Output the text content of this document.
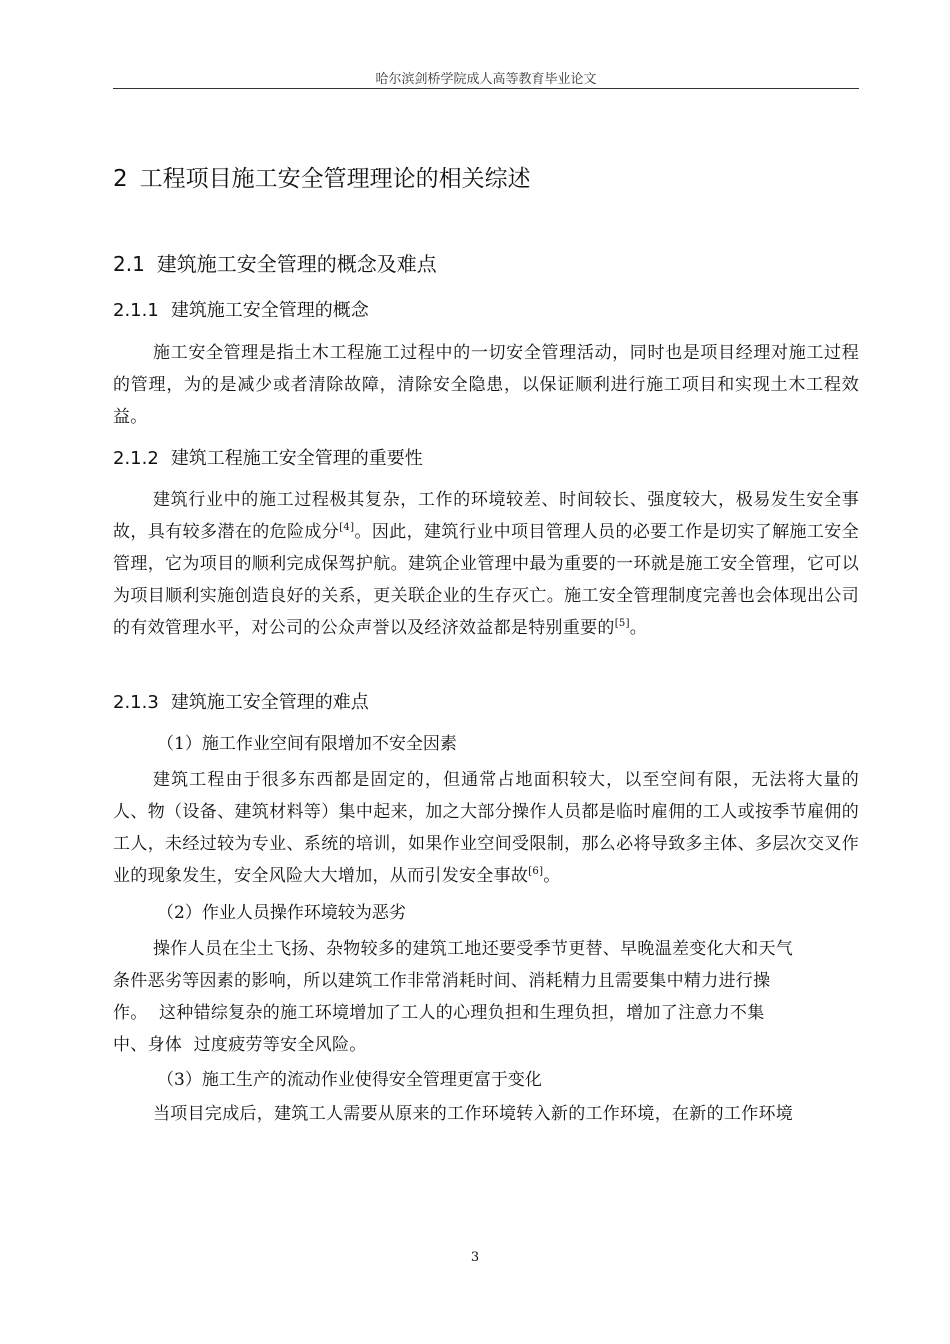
哈尔滨剑桥学院成人高等教育毕业论文
2 工程项目施工安全管理理论的相关综述
2.1 建筑施工安全管理的概念及难点
2.1.1 建筑施工安全管理的概念

施工安全管理是指土木工程施工过程中的一切安全管理活动，同时也是项目经理对施工过程的管理，为的是减少或者清除故障，清除安全隐患，以保证顺利进行施工项目和实现土木工程效益。

2.1.2 建筑工程施工安全管理的重要性

建筑行业中的施工过程极其复杂，工作的环境较差、时间较长、强度较大，极易发生安全事故，具有较多潜在的危险成分[4]。因此，建筑行业中项目管理人员的必要工作是切实了解施工安全管理，它为项目的顺利完成保驾护航。建筑企业管理中最为重要的一环就是施工安全管理，它可以为项目顺利实施创造良好的关系，更关联企业的生存灭亡。施工安全管理制度完善也会体现出公司的有效管理水平，对公司的公众声誉以及经济效益都是特别重要的[5]。

2.1.3 建筑施工安全管理的难点
（1）施工作业空间有限增加不安全因素

建筑工程由于很多东西都是固定的，但通常占地面积较大，以至空间有限，无法将大量的人、物（设备、建筑材料等）集中起来，加之大部分操作人员都是临时雇佣的工人或按季节雇佣的工人，未经过较为专业、系统的培训，如果作业空间受限制，那么必将导致多主体、多层次交叉作业的现象发生，安全风险大大增加，从而引发安全事故[6]。

（2）作业人员操作环境较为恶劣
操作人员在尘土飞扬、杂物较多的建筑工地还要受季节更替、早晚温差变化大和天气
条件恶劣等因素的影响，所以建筑工作非常消耗时间、消耗精力且需要集中精力进行操
作。  这种错综复杂的施工环境增加了工人的心理负担和生理负担，增加了注意力不集
中、身体  过度疲劳等安全风险。
（3）施工生产的流动作业使得安全管理更富于变化
当项目完成后，建筑工人需要从原来的工作环境转入新的工作环境，在新的工作环境
3
